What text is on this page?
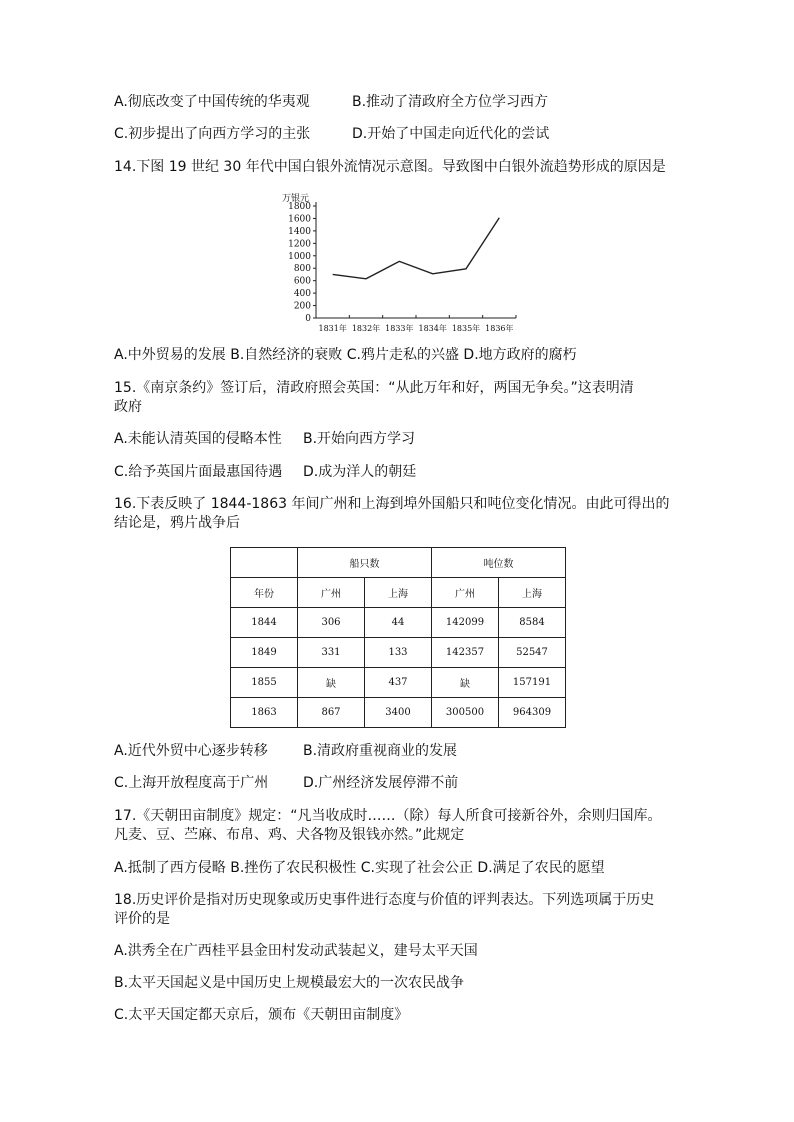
A.彻底改变了中国传统的华夷观	B.推动了清政府全方位学习西方
C.初步提出了向西方学习的主张	D.开始了中国走向近代化的尝试
14.下图 19 世纪 30 年代中国白银外流情况示意图。导致图中白银外流趋势形成的原因是
万银元
0
200
400
600
800
1000
1200
1400
1600
1800
1831年 1832年 1833年 1834年 1835年 1836年
A.中外贸易的发展 B.自然经济的衰败 C.鸦片走私的兴盛 D.地方政府的腐朽
15.《南京条约》签订后，清政府照会英国：“从此万年和好，两国无争矣。”这表明清
政府
A.未能认清英国的侵略本性 B.开始向西方学习
C.给予英国片面最惠国待遇 D.成为洋人的朝廷
16.下表反映了 1844-1863 年间广州和上海到埠外国船只和吨位变化情况。由此可得出的
结论是，鸦片战争后
	船只数		吨位数	
年份	广州	上海	广州	上海
1844	306	44	142099	8584
1849	331	133	142357	52547
1855	缺	437	缺	157191
1863	867	3400	300500	964309
A.近代外贸中心逐步转移	B.清政府重视商业的发展
C.上海开放程度高于广州 D.广州经济发展停滞不前
17.《天朝田亩制度》规定：“凡当收成时……（除）每人所食可接新谷外，余则归国库。
凡麦、豆、苎麻、布帛、鸡、犬各物及银钱亦然。”此规定
A.抵制了西方侵略 B.挫伤了农民积极性 C.实现了社会公正 D.满足了农民的愿望
18.历史评价是指对历史现象或历史事件进行态度与价值的评判表达。下列选项属于历史
评价的是
A.洪秀全在广西桂平县金田村发动武装起义，建号太平天国
B.太平天国起义是中国历史上规模最宏大的一次农民战争
C.太平天国定都天京后，颁布《天朝田亩制度》
